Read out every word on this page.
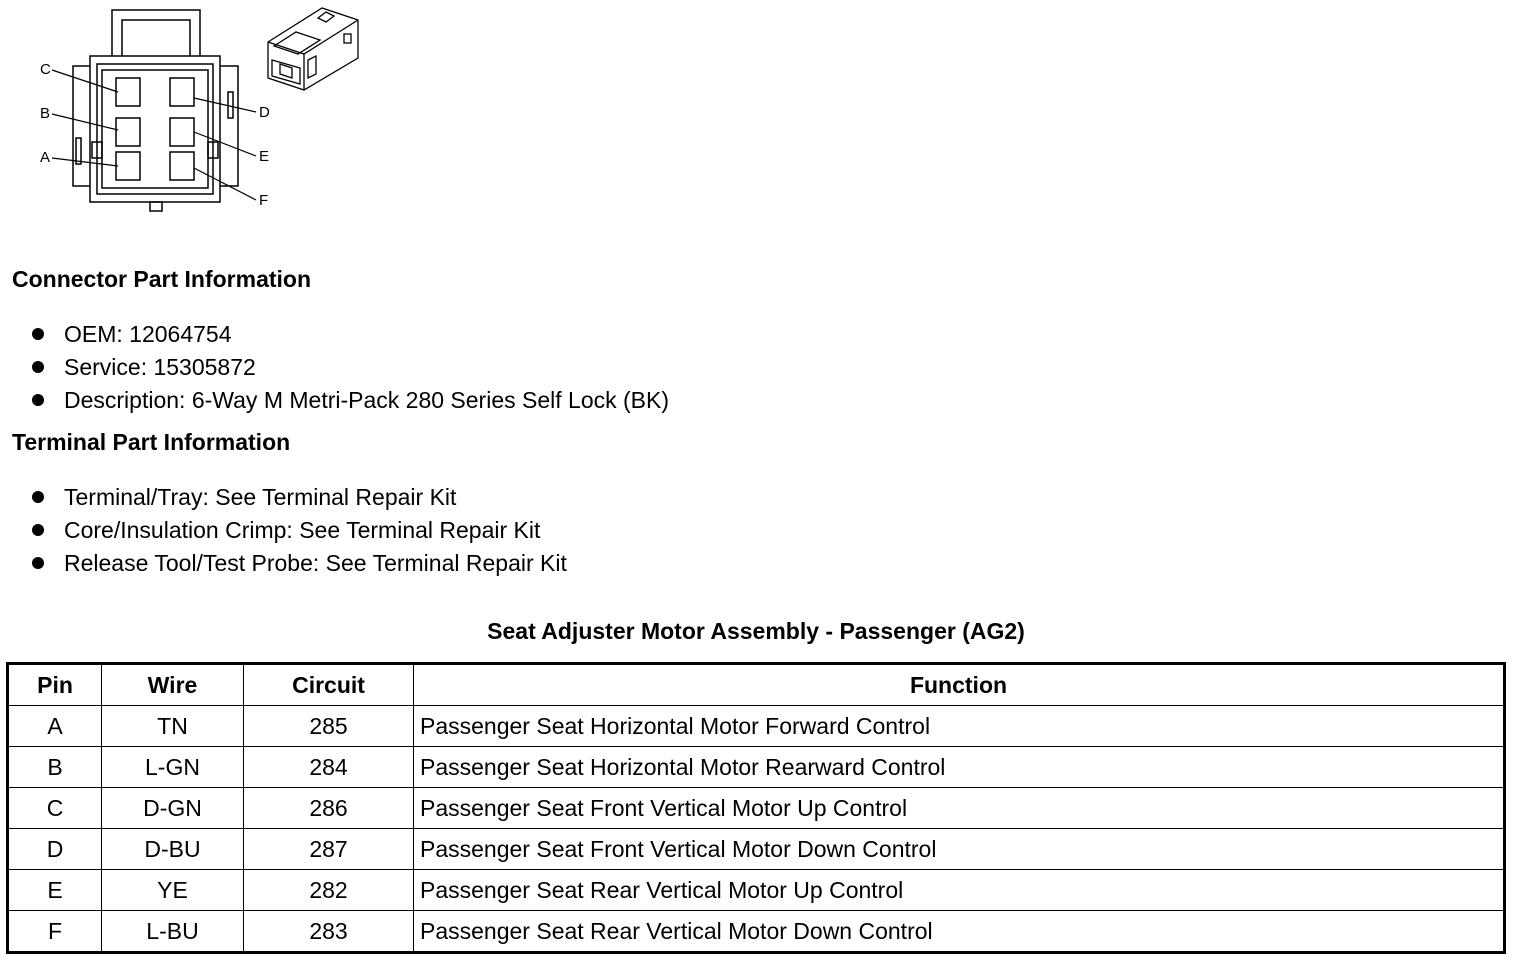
C
B
A
D
E
F
Connector Part Information
OEM: 12064754
Service: 15305872
Description: 6-Way M Metri-Pack 280 Series Self Lock (BK)
Terminal Part Information
Terminal/Tray: See Terminal Repair Kit
Core/Insulation Crimp: See Terminal Repair Kit
Release Tool/Test Probe: See Terminal Repair Kit
Seat Adjuster Motor Assembly - Passenger (AG2)
Pin	Wire	Circuit	Function
A	TN	285	Passenger Seat Horizontal Motor Forward Control
B	L-GN	284	Passenger Seat Horizontal Motor Rearward Control
C	D-GN	286	Passenger Seat Front Vertical Motor Up Control
D	D-BU	287	Passenger Seat Front Vertical Motor Down Control
E	YE	282	Passenger Seat Rear Vertical Motor Up Control
F	L-BU	283	Passenger Seat Rear Vertical Motor Down Control
